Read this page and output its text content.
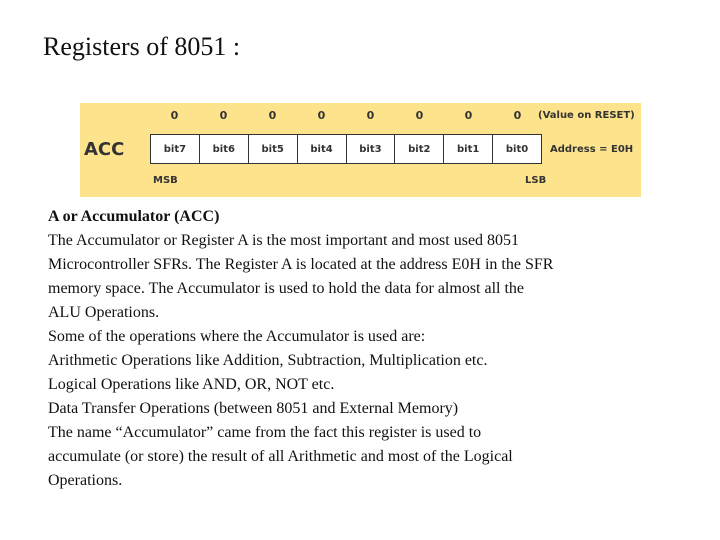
Registers of 8051 :
ACC
0	0	0	0	0	0	0	0	(Value on RESET)
bit7	bit6	bit5	bit4	bit3	bit2	bit1	bit0	Address = E0H
MSB	LSB
A or Accumulator (ACC)
The Accumulator or Register A is the most important and most used 8051
Microcontroller SFRs. The Register A is located at the address E0H in the SFR
memory space. The Accumulator is used to hold the data for almost all the
ALU Operations.
Some of the operations where the Accumulator is used are:
Arithmetic Operations like Addition, Subtraction, Multiplication etc.
Logical Operations like AND, OR, NOT etc.
Data Transfer Operations (between 8051 and External Memory)
The name “Accumulator” came from the fact this register is used to
accumulate (or store) the result of all Arithmetic and most of the Logical
Operations.
